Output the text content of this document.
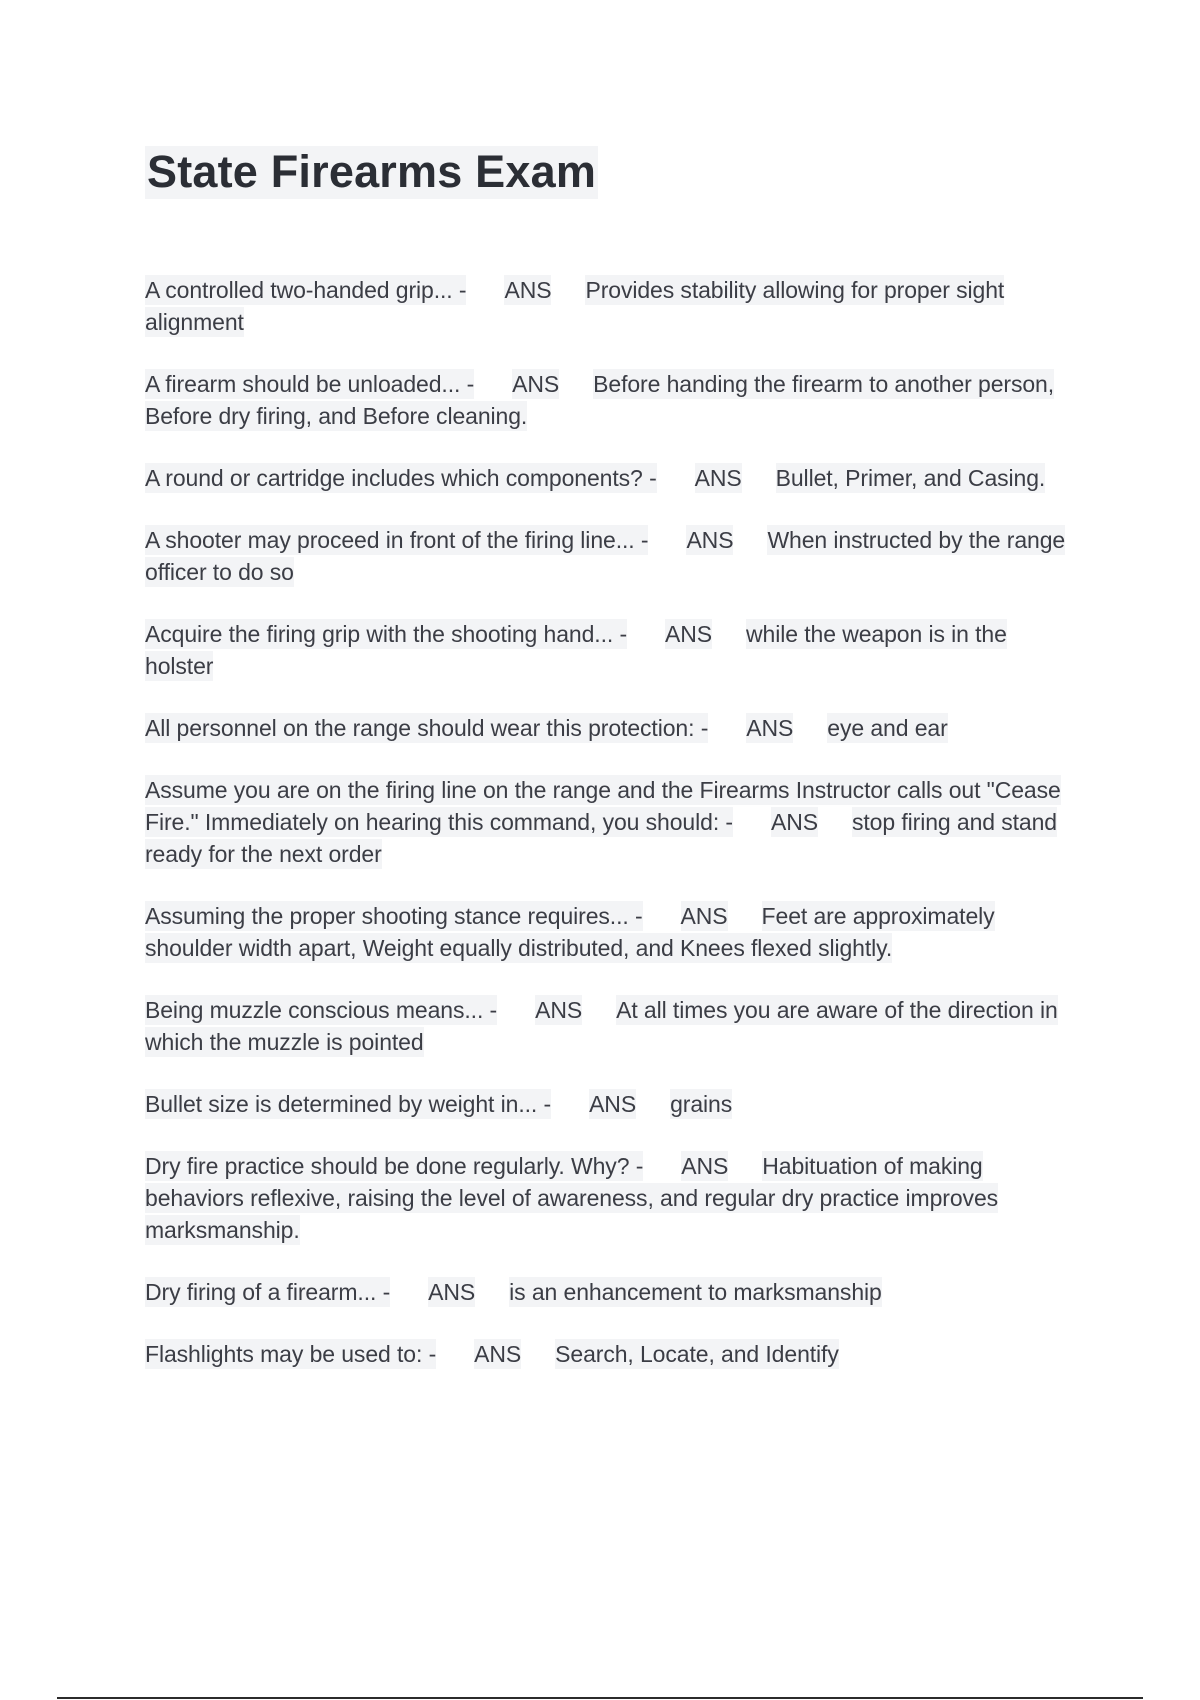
State Firearms Exam

A controlled two-handed grip... - ANS Provides stability allowing for proper sight alignment

A firearm should be unloaded... - ANS Before handing the firearm to another person, Before dry firing, and Before cleaning.

A round or cartridge includes which components? - ANS Bullet, Primer, and Casing.

A shooter may proceed in front of the firing line... - ANS When instructed by the range officer to do so

Acquire the firing grip with the shooting hand... - ANS while the weapon is in the holster

All personnel on the range should wear this protection: - ANS eye and ear

Assume you are on the firing line on the range and the Firearms Instructor calls out "Cease Fire." Immediately on hearing this command, you should: - ANS stop firing and stand ready for the next order

Assuming the proper shooting stance requires... - ANS Feet are approximately shoulder width apart, Weight equally distributed, and Knees flexed slightly.

Being muzzle conscious means... - ANS At all times you are aware of the direction in which the muzzle is pointed

Bullet size is determined by weight in... - ANS grains

Dry fire practice should be done regularly. Why? - ANS Habituation of making behaviors reflexive, raising the level of awareness, and regular dry practice improves marksmanship.

Dry firing of a firearm... - ANS is an enhancement to marksmanship

Flashlights may be used to: - ANS Search, Locate, and Identify
